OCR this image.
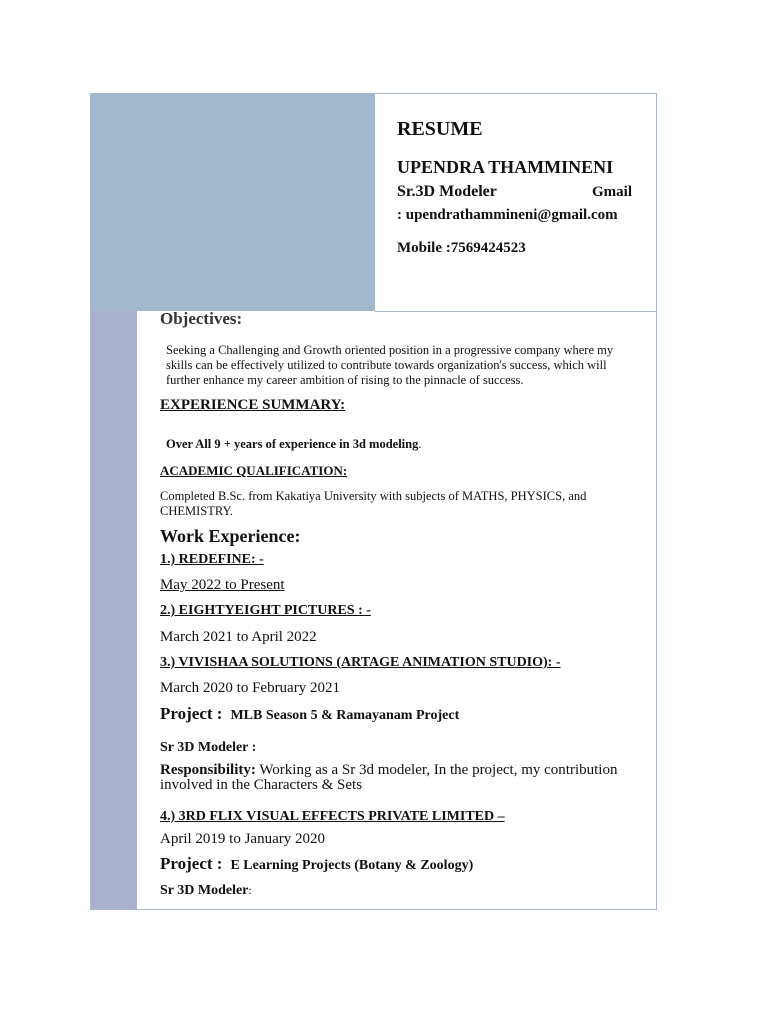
RESUME
UPENDRA THAMMINENI
Sr.3D Modeler	Gmail
: upendrathammineni@gmail.com
Mobile :7569424523
Objectives:
Seeking a Challenging and Growth oriented position in a progressive company where my
skills can be effectively utilized to contribute towards organization's success, which will
further enhance my career ambition of rising to the pinnacle of success.
EXPERIENCE SUMMARY:
Over All 9 + years of experience in 3d modeling.
ACADEMIC QUALIFICATION:
Completed B.Sc. from Kakatiya University with subjects of MATHS, PHYSICS, and
CHEMISTRY.
Work Experience:
1.) REDEFINE: -
May 2022 to Present
2.) EIGHTYEIGHT PICTURES : -
March 2021 to April 2022
3.) VIVISHAA SOLUTIONS (ARTAGE ANIMATION STUDIO): -
March 2020 to February 2021
Project : MLB Season 5 & Ramayanam Project
Sr 3D Modeler :
Responsibility: Working as a Sr 3d modeler, In the project, my contribution
involved in the Characters & Sets
4.) 3RD FLIX VISUAL EFFECTS PRIVATE LIMITED –
April 2019 to January 2020
Project : E Learning Projects (Botany & Zoology)
Sr 3D Modeler:
